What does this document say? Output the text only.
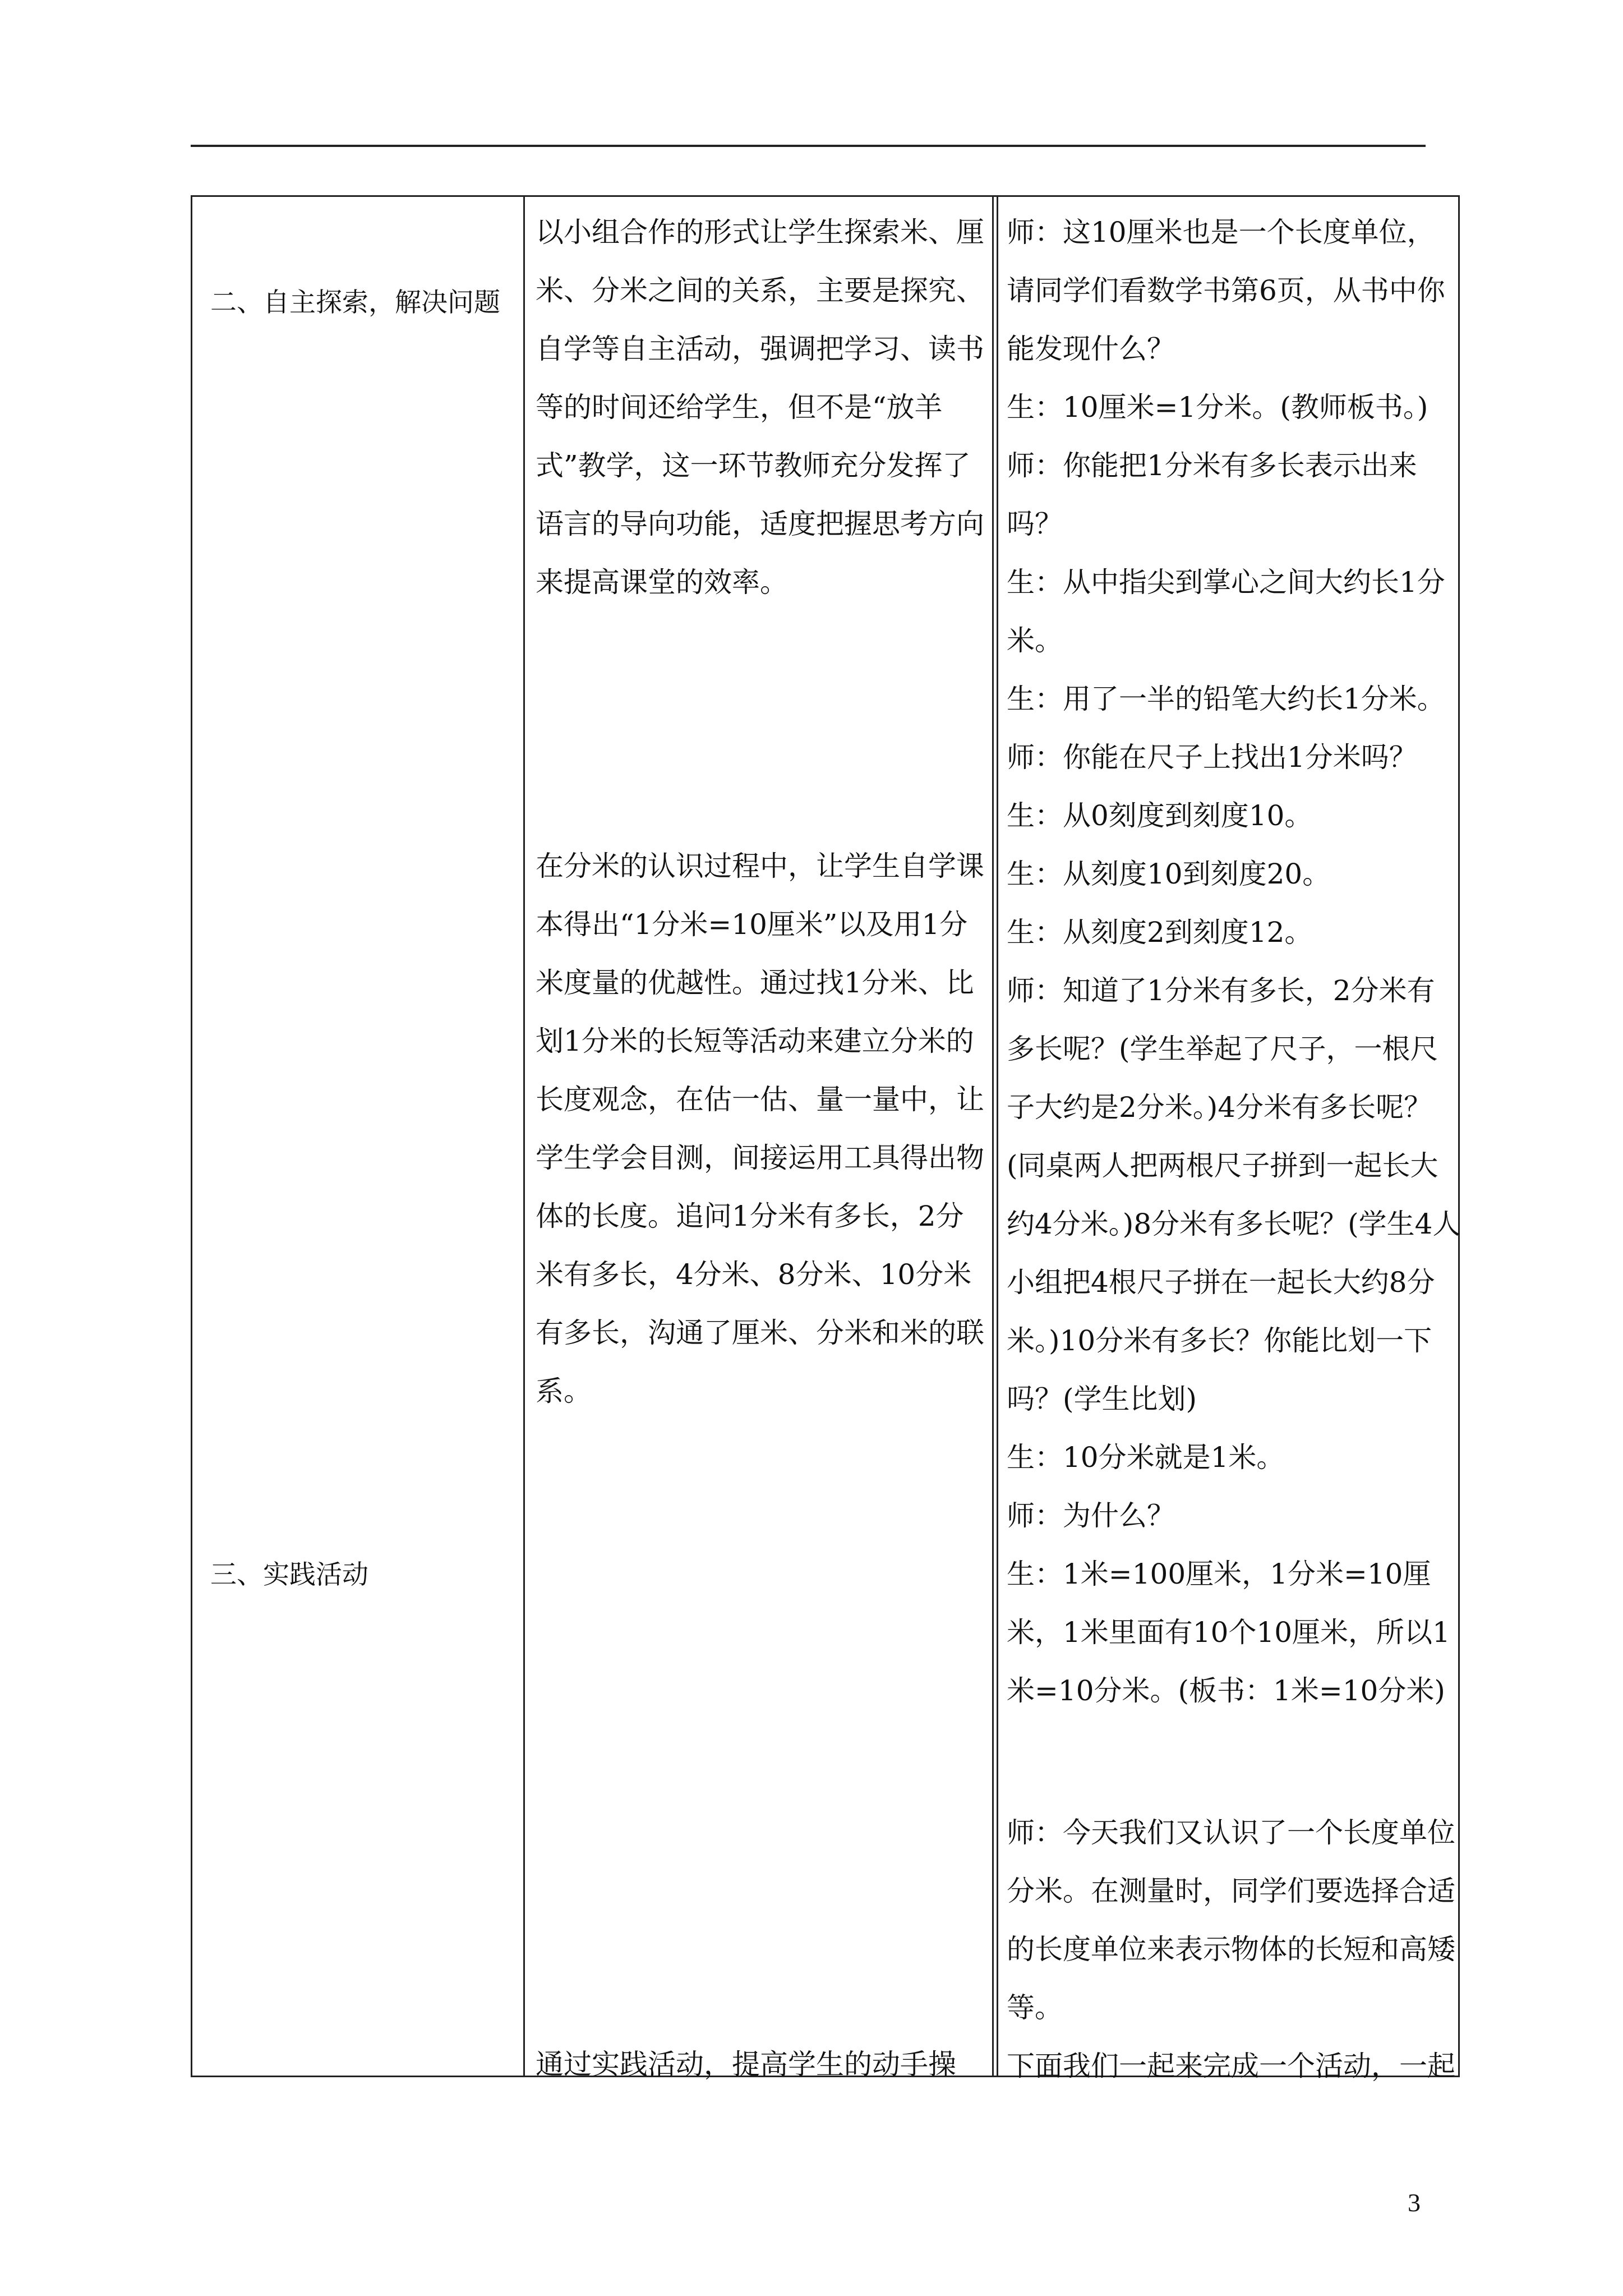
二、自主探索，解决问题
三、实践活动

以小组合作的形式让学生探索米、厘米、分米之间的关系，主要是探究、自学等自主活动，强调把学习、读书等的时间还给学生，但不是“放羊式”教学，这一环节教师充分发挥了语言的导向功能，适度把握思考方向来提高课堂的效率。

在分米的认识过程中，让学生自学课本得出“1分米=10厘米”以及用1分米度量的优越性。通过找1分米、比划1分米的长短等活动来建立分米的长度观念，在估一估、量一量中，让学生学会目测，间接运用工具得出物体的长度。追问1分米有多长，2分米有多长，4分米、8分米、10分米有多长，沟通了厘米、分米和米的联系。

通过实践活动，提高学生的动手操

师：这10厘米也是一个长度单位，请同学们看数学书第6页，从书中你能发现什么？
生：10厘米=1分米。(教师板书。)
师：你能把1分米有多长表示出来吗？
生：从中指尖到掌心之间大约长1分米。
生：用了一半的铅笔大约长1分米。
师：你能在尺子上找出1分米吗？
生：从0刻度到刻度10。
生：从刻度10到刻度20。
生：从刻度2到刻度12。
师：知道了1分米有多长，2分米有多长呢？(学生举起了尺子，一根尺子大约是2分米。)4分米有多长呢？(同桌两人把两根尺子拼到一起长大约4分米。)8分米有多长呢？(学生4人小组把4根尺子拼在一起长大约8分米。)10分米有多长？你能比划一下吗？(学生比划)
生：10分米就是1米。
师：为什么？
生：1米=100厘米，1分米=10厘米，1米里面有10个10厘米，所以1米=10分米。(板书：1米=10分米)
师：今天我们又认识了一个长度单位分米。在测量时，同学们要选择合适的长度单位来表示物体的长短和高矮等。
下面我们一起来完成一个活动，一起
3
